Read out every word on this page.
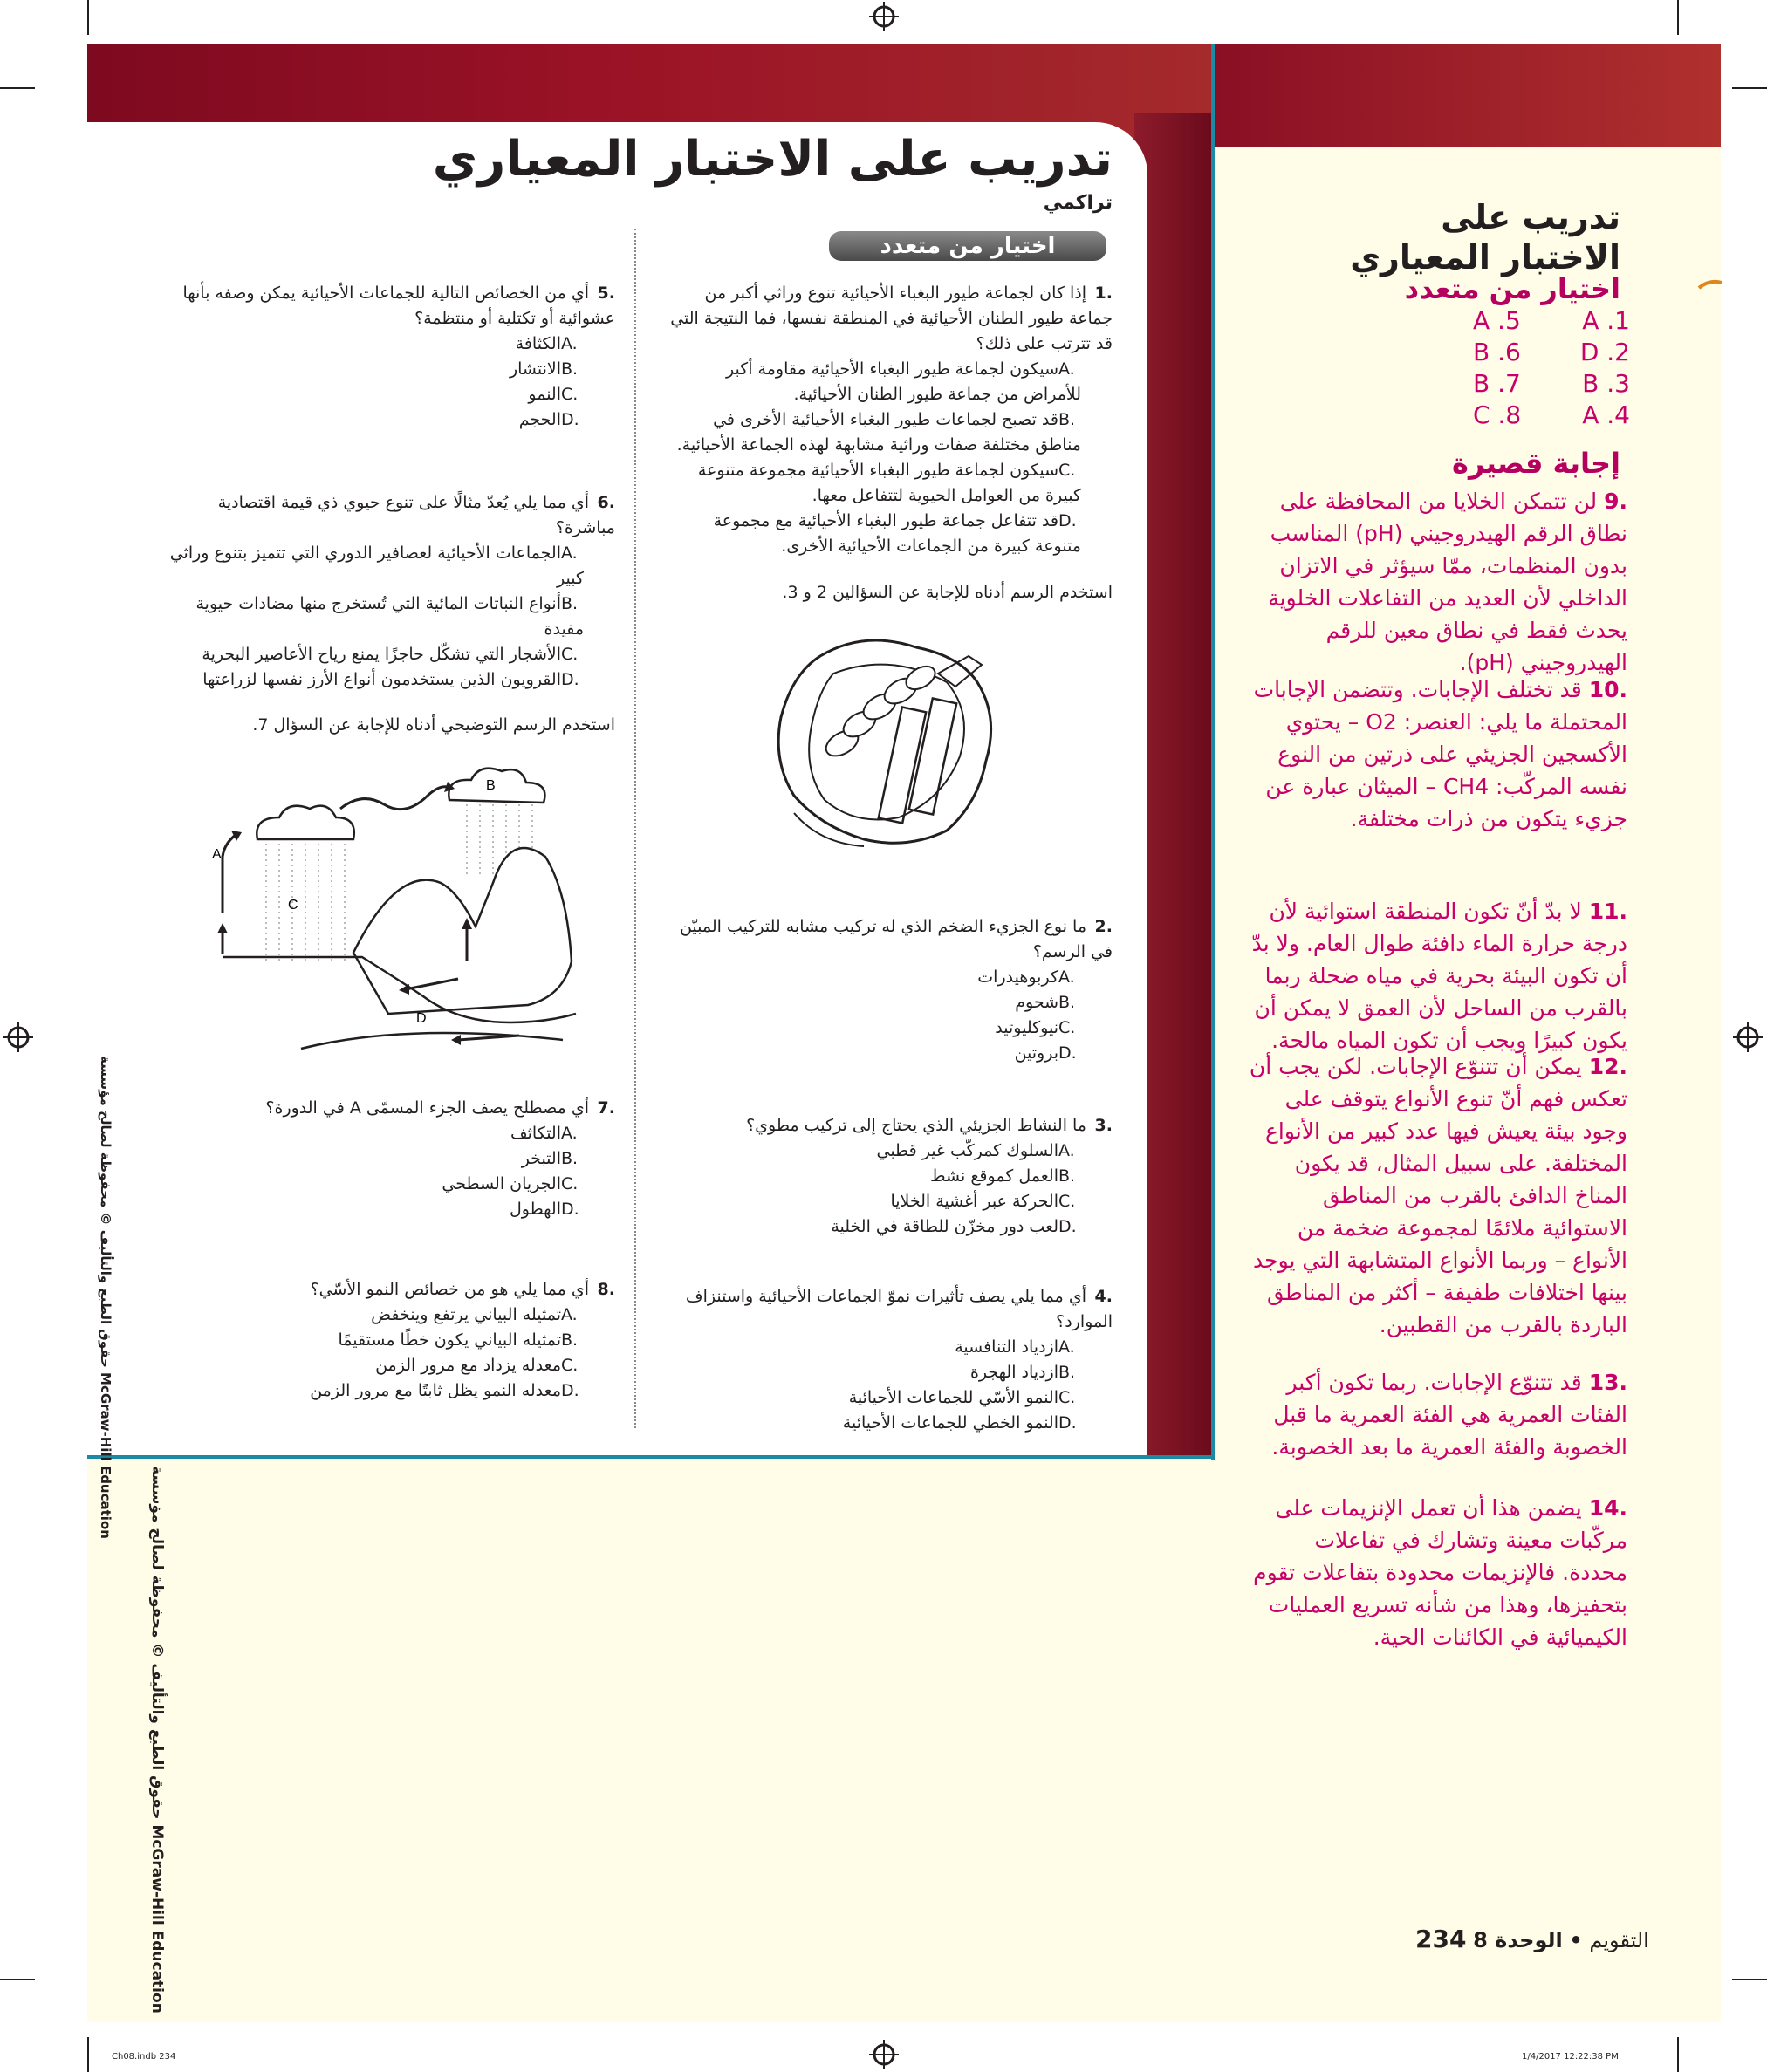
تدريب على الاختبار المعياري
تراكمي
اختيار من متعدد
.1إذا كان لجماعة طيور البغباء الأحيائية تنوع وراثي أكبر من جماعة طيور الطنان الأحيائية في المنطقة نفسها، فما النتيجة التي قد تترتب على ذلك؟
A.سيكون لجماعة طيور البغباء الأحيائية مقاومة أكبر للأمراض من جماعة طيور الطنان الأحيائية.
B.قد تصبح لجماعات طيور البغباء الأحيائية الأخرى في مناطق مختلفة صفات وراثية مشابهة لهذه الجماعة الأحيائية.
C.سيكون لجماعة طيور البغباء الأحيائية مجموعة متنوعة كبيرة من العوامل الحيوية لتتفاعل معها.
D.قد تتفاعل جماعة طيور البغباء الأحيائية مع مجموعة متنوعة كبيرة من الجماعات الأحيائية الأخرى.
استخدم الرسم أدناه للإجابة عن السؤالين 2 و 3.
.2ما نوع الجزيء الضخم الذي له تركيب مشابه للتركيب المبيّن في الرسم؟
A.كربوهيدرات
B.شحوم
C.نيوكليوتيد
D.بروتين
.3ما النشاط الجزيئي الذي يحتاج إلى تركيب مطوي؟
A.السلوك كمركّب غير قطبي
B.العمل كموقع نشط
C.الحركة عبر أغشية الخلايا
D.لعب دور مخزّن للطاقة في الخلية
.4أي مما يلي يصف تأثيرات نموّ الجماعات الأحيائية واستنزاف الموارد؟
A.ازدياد التنافسية
B.ازدياد الهجرة
C.النمو الأسّي للجماعات الأحيائية
D.النمو الخطي للجماعات الأحيائية
.5أي من الخصائص التالية للجماعات الأحيائية يمكن وصفه بأنها عشوائية أو تكتلية أو منتظمة؟
A.الكثافة
B.الانتشار
C.النمو
D.الحجم
.6أي مما يلي يُعدّ مثالًا على تنوع حيوي ذي قيمة اقتصادية مباشرة؟
A.الجماعات الأحيائية لعصافير الدوري التي تتميز بتنوع وراثي كبير
B.أنواع النباتات المائية التي تُستخرج منها مضادات حيوية مفيدة
C.الأشجار التي تشكّل حاجزًا يمنع رياح الأعاصير البحرية
D.القرويون الذين يستخدمون أنواع الأرز نفسها لزراعتها
استخدم الرسم التوضيحي أدناه للإجابة عن السؤال 7.
A
B
C
D
.7أي مصطلح يصف الجزء المسمّى A في الدورة؟
A.التكاثف
B.التبخر
C.الجريان السطحي
D.الهطول
.8أي مما يلي هو من خصائص النمو الأسّي؟
A.تمثيله البياني يرتفع وينخفض
B.تمثيله البياني يكون خطًا مستقيمًا
C.معدله يزداد مع مرور الزمن
D.معدله النمو يظل ثابتًا مع مرور الزمن
حقوق الطبع والتأليف © محفوظة لصالح مؤسسة McGraw-Hill Education
حقوق الطبع والتأليف © محفوظة لصالح مؤسسة McGraw-Hill Education
تدريب على الاختبار المعياري
اختيار من متعدد
A .5	A .1
B .6 D .2
B .7	B .3
C .8	A .4
إجابة قصيرة
.9 لن تتمكن الخلايا من المحافظة على نطاق الرقم الهيدروجيني (pH) المناسب بدون المنظمات، ممّا سيؤثر في الاتزان الداخلي لأن العديد من التفاعلات الخلوية يحدث فقط في نطاق معين للرقم الهيدروجيني (pH).
.10 قد تختلف الإجابات. وتتضمن الإجابات المحتملة ما يلي: العنصر: O2 – يحتوي الأكسجين الجزيئي على ذرتين من النوع نفسه المركّب: CH4 – الميثان عبارة عن جزيء يتكون من ذرات مختلفة.
.11 لا بدّ أنّ تكون المنطقة استوائية لأن درجة حرارة الماء دافئة طوال العام. ولا بدّ أن تكون البيئة بحرية في مياه ضحلة ربما بالقرب من الساحل لأن العمق لا يمكن أن يكون كبيرًا ويجب أن تكون المياه مالحة.
.12 يمكن أن تتنوّع الإجابات. لكن يجب أن تعكس فهم أنّ تنوع الأنواع يتوقف على وجود بيئة يعيش فيها عدد كبير من الأنواع المختلفة. على سبيل المثال، قد يكون المناخ الدافئ بالقرب من المناطق الاستوائية ملائمًا لمجموعة ضخمة من الأنواع – وربما الأنواع المتشابهة التي يوجد بينها اختلافات طفيفة – أكثر من المناطق الباردة بالقرب من القطبين.
.13 قد تتنوّع الإجابات. ربما تكون أكبر الفئات العمرية هي الفئة العمرية ما قبل الخصوبة والفئة العمرية ما بعد الخصوبة.
.14 يضمن هذا أن تعمل الإنزيمات على مركّبات معينة وتشارك في تفاعلات محددة. فالإنزيمات محدودة بتفاعلات تقوم بتحفيزها، وهذا من شأنه تسريع العمليات الكيميائية في الكائنات الحية.
التقويم • الوحدة 8 234
Ch08.indb 234	1/4/2017 12:22:38 PM
